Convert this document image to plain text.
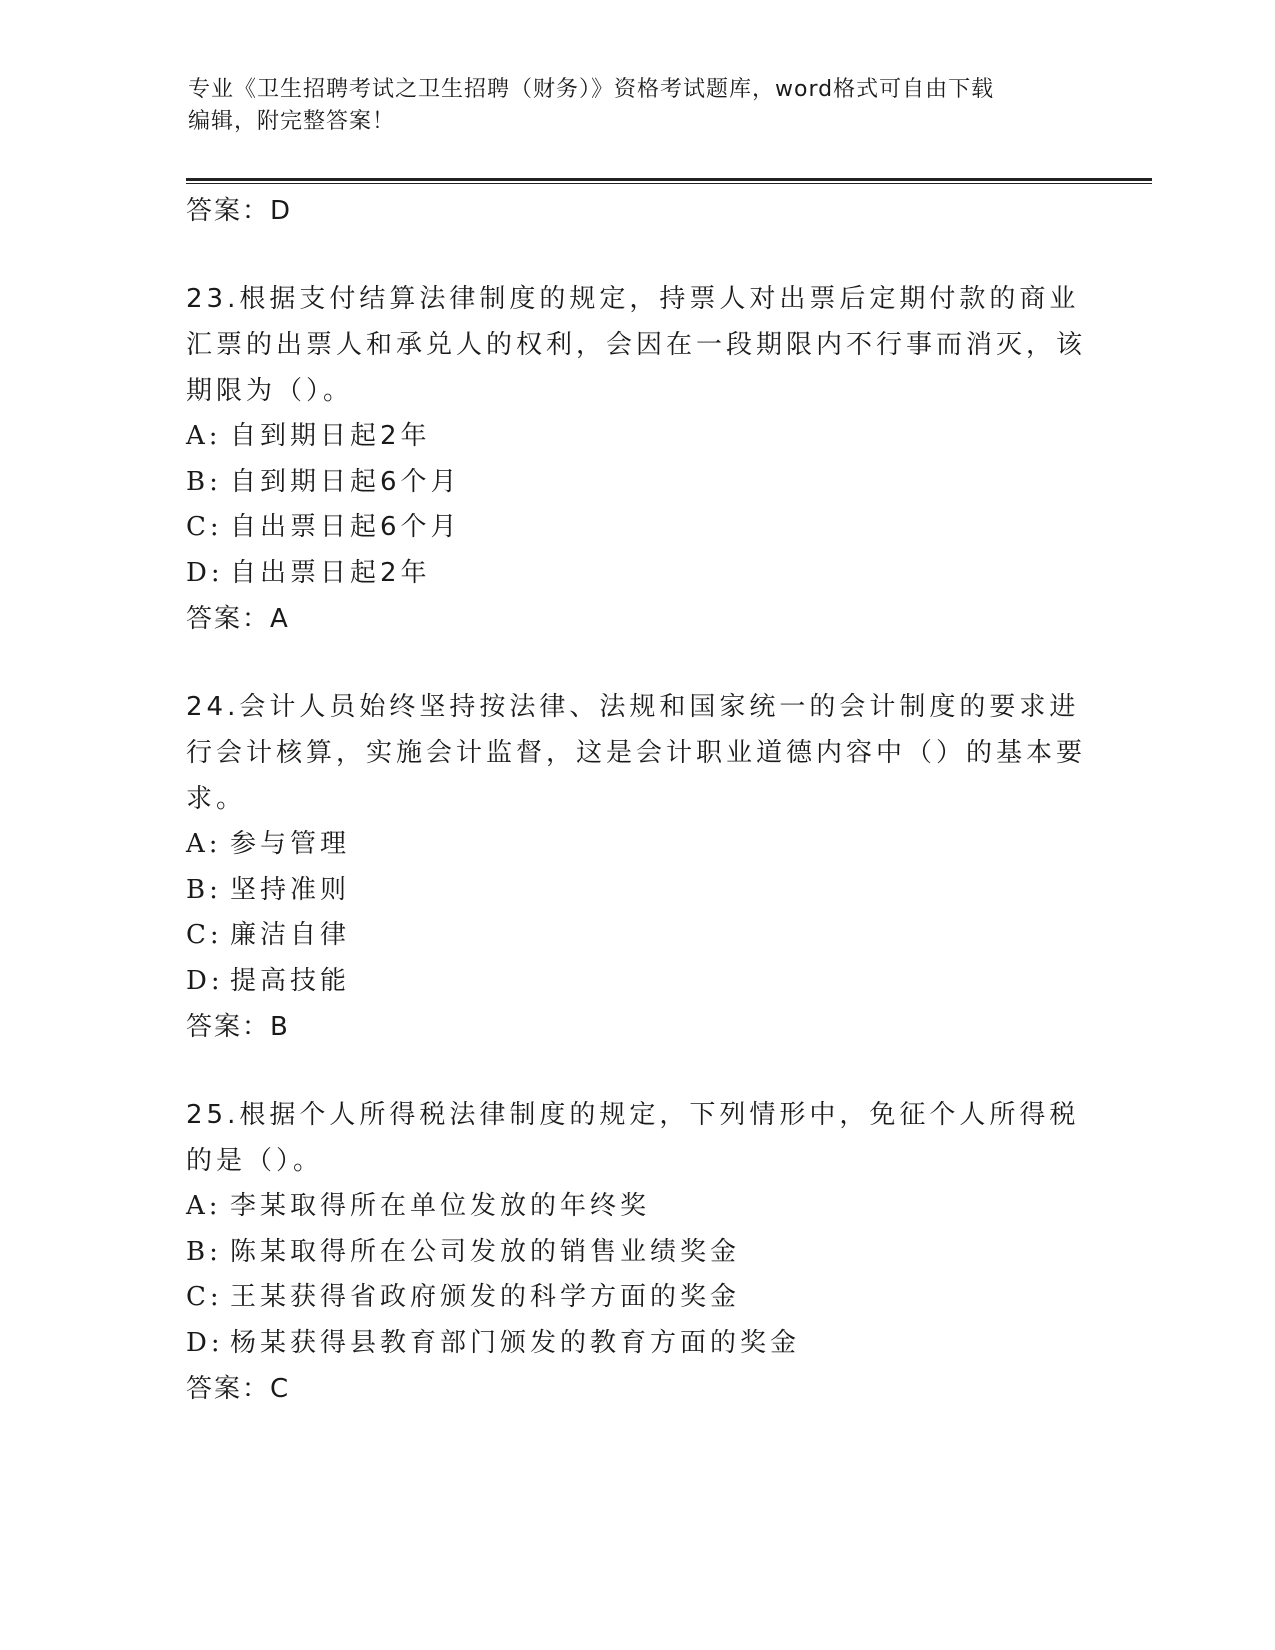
专业《卫生招聘考试之卫生招聘（财务）》资格考试题库，word格式可自由下载
编辑，附完整答案！
答案：D

23.根据支付结算法律制度的规定，持票人对出票后定期付款的商业汇票的出票人和承兑人的权利，会因在一段期限内不行事而消灭，该期限为（）。

A: 自到期日起2年
B: 自到期日起6个月
C: 自出票日起6个月
D: 自出票日起2年
答案：A

24.会计人员始终坚持按法律、法规和国家统一的会计制度的要求进行会计核算，实施会计监督，这是会计职业道德内容中（）的基本要求。

A: 参与管理
B: 坚持准则
C: 廉洁自律
D: 提高技能
答案：B

25.根据个人所得税法律制度的规定，下列情形中，免征个人所得税的是（）。

A: 李某取得所在单位发放的年终奖
B: 陈某取得所在公司发放的销售业绩奖金
C: 王某获得省政府颁发的科学方面的奖金
D: 杨某获得县教育部门颁发的教育方面的奖金
答案：C
